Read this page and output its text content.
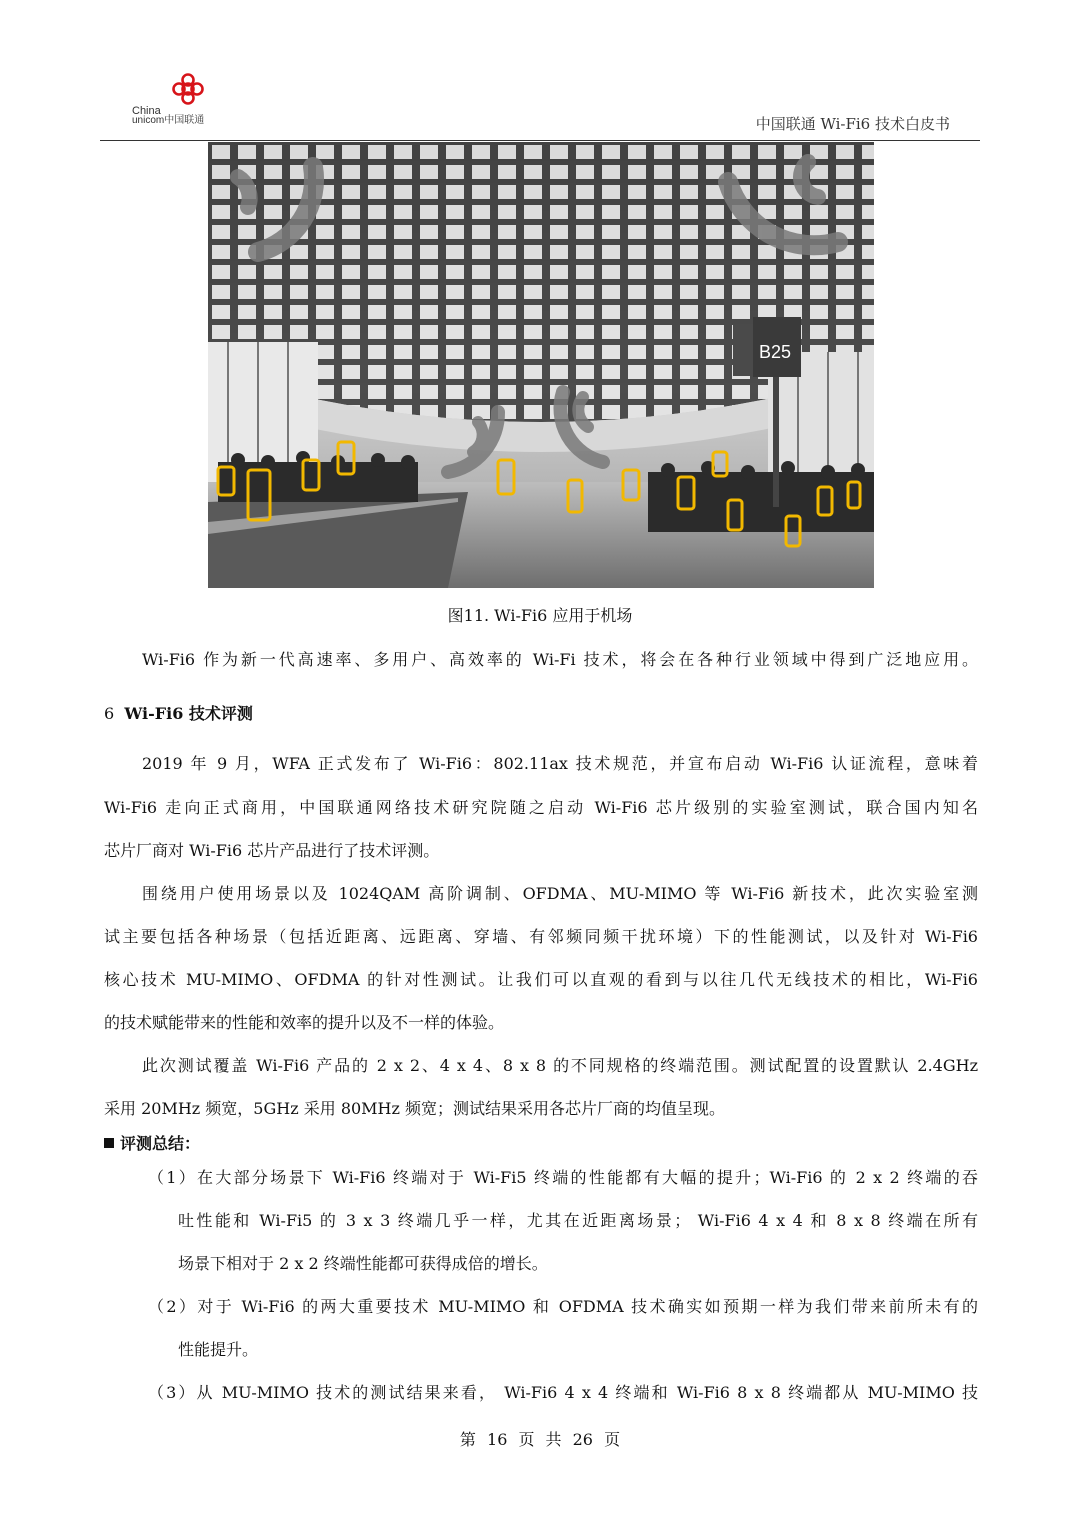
China
unicom中国联通	中国联通 Wi-Fi6 技术白皮书
B25
图11. Wi-Fi6 应用于机场
Wi-Fi6 作为新一代高速率、多用户、高效率的 Wi-Fi 技术，将会在各种行业领域中得到广泛地应用。
6 Wi-Fi6 技术评测
2019 年 9 月，WFA 正式发布了 Wi-Fi6：802.11ax 技术规范，并宣布启动 Wi-Fi6 认证流程，意味着
Wi-Fi6 走向正式商用，中国联通网络技术研究院随之启动 Wi-Fi6 芯片级别的实验室测试，联合国内知名
芯片厂商对 Wi-Fi6 芯片产品进行了技术评测。
围绕用户使用场景以及 1024QAM 高阶调制、OFDMA、MU-MIMO 等 Wi-Fi6 新技术，此次实验室测
试主要包括各种场景（包括近距离、远距离、穿墙、有邻频同频干扰环境）下的性能测试，以及针对 Wi-Fi6
核心技术 MU-MIMO、OFDMA 的针对性测试。让我们可以直观的看到与以往几代无线技术的相比，Wi-Fi6
的技术赋能带来的性能和效率的提升以及不一样的体验。
此次测试覆盖 Wi-Fi6 产品的 2 x 2、4 x 4、8 x 8 的不同规格的终端范围。测试配置的设置默认 2.4GHz
采用 20MHz 频宽，5GHz 采用 80MHz 频宽；测试结果采用各芯片厂商的均值呈现。
评测总结：
（1）在大部分场景下 Wi-Fi6 终端对于 Wi-Fi5 终端的性能都有大幅的提升；Wi-Fi6 的 2 x 2 终端的吞
吐性能和 Wi-Fi5 的 3 x 3 终端几乎一样，尤其在近距离场景； Wi-Fi6 4 x 4 和 8 x 8 终端在所有
场景下相对于 2 x 2 终端性能都可获得成倍的增长。
（2）对于 Wi-Fi6 的两大重要技术 MU-MIMO 和 OFDMA 技术确实如预期一样为我们带来前所未有的
性能提升。
（3）从 MU-MIMO 技术的测试结果来看， Wi-Fi6 4 x 4 终端和 Wi-Fi6 8 x 8 终端都从 MU-MIMO 技
第 16 页 共 26 页
